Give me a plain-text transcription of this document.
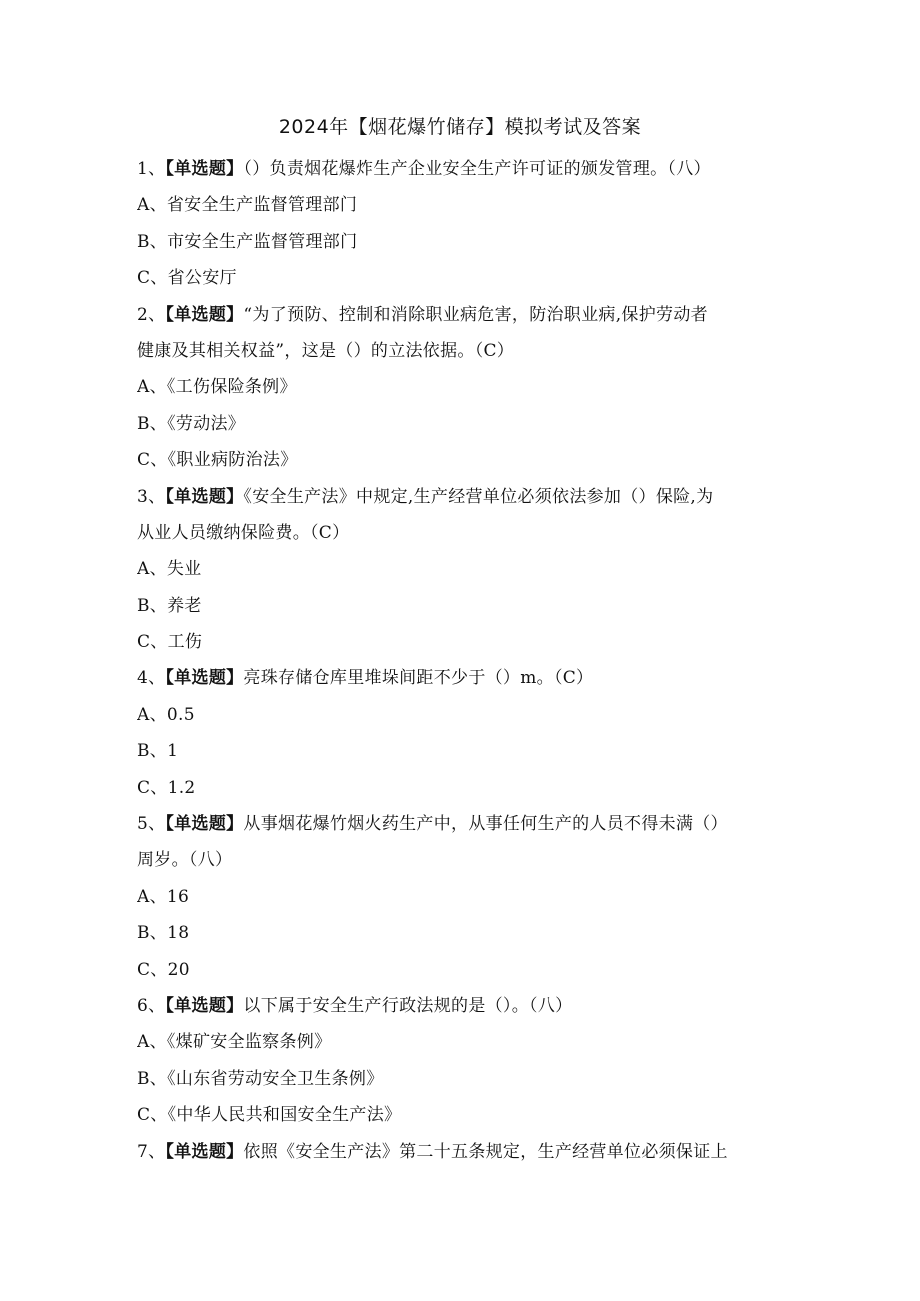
2024年【烟花爆竹储存】模拟考试及答案
1、【单选题】（）负责烟花爆炸生产企业安全生产许可证的颁发管理。（八）
A、省安全生产监督管理部门
B、市安全生产监督管理部门
C、省公安厅
2、【单选题】“为了预防、控制和消除职业病危害，防治职业病,保护劳动者
健康及其相关权益”，这是（）的立法依据。（C）
A、《工伤保险条例》
B、《劳动法》
C、《职业病防治法》
3、【单选题】《安全生产法》中规定,生产经营单位必须依法参加（）保险,为
从业人员缴纳保险费。（C）
A、失业
B、养老
C、工伤
4、【单选题】亮珠存储仓库里堆垛间距不少于（）m。（C）
A、0.5
B、1
C、1.2
5、【单选题】从事烟花爆竹烟火药生产中，从事任何生产的人员不得未满（）
周岁。（八）
A、16
B、18
C、20
6、【单选题】以下属于安全生产行政法规的是（）。（八）
A、《煤矿安全监察条例》
B、《山东省劳动安全卫生条例》
C、《中华人民共和国安全生产法》
7、【单选题】依照《安全生产法》第二十五条规定，生产经营单位必须保证上
